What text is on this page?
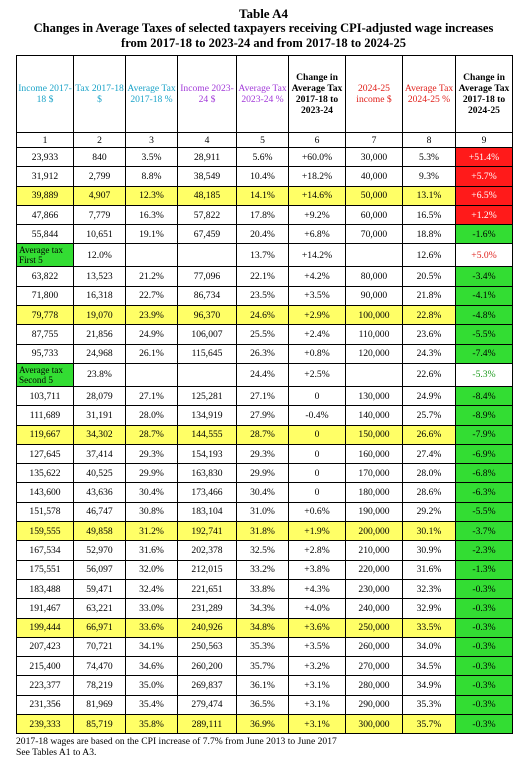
Table A4
Changes in Average Taxes of selected taxpayers receiving CPI-adjusted wage increases
from 2017-18 to 2023-24 and from 2017-18 to 2024-25
Income 2017-18 $	Tax 2017-18 $	Average Tax 2017-18 %	Income 2023-24 $	Average Tax 2023-24 %	Change in Average Tax 2017-18 to 2023-24	2024-25 income $	Average Tax 2024-25 %	Change in Average Tax 2017-18 to 2024-25
1	2	3	4	5	6	7	8	9
23,933	840	3.5%	28,911	5.6%	+60.0%	30,000	5.3%	+51.4%
31,912	2,799	8.8%	38,549	10.4%	+18.2%	40,000	9.3%	+5.7%
39,889	4,907	12.3%	48,185	14.1%	+14.6%	50,000	13.1%	+6.5%
47,866	7,779	16.3%	57,822	17.8%	+9.2%	60,000	16.5%	+1.2%
55,844	10,651	19.1%	67,459	20.4%	+6.8%	70,000	18.8%	-1.6%
Average tax First 5	12.0%			13.7%	+14.2%		12.6%	+5.0%
63,822	13,523	21.2%	77,096	22.1%	+4.2%	80,000	20.5%	-3.4%
71,800	16,318	22.7%	86,734	23.5%	+3.5%	90,000	21.8%	-4.1%
79,778	19,070	23.9%	96,370	24.6%	+2.9%	100,000	22.8%	-4.8%
87,755	21,856	24.9%	106,007	25.5%	+2.4%	110,000	23.6%	-5.5%
95,733	24,968	26.1%	115,645	26.3%	+0.8%	120,000	24.3%	-7.4%
Average tax Second 5	23.8%			24.4%	+2.5%		22.6%	-5.3%
103,711	28,079	27.1%	125,281	27.1%	0	130,000	24.9%	-8.4%
111,689	31,191	28.0%	134,919	27.9%	-0.4%	140,000	25.7%	-8.9%
119,667	34,302	28.7%	144,555	28.7%	0	150,000	26.6%	-7.9%
127,645	37,414	29.3%	154,193	29.3%	0	160,000	27.4%	-6.9%
135,622	40,525	29.9%	163,830	29.9%	0	170,000	28.0%	-6.8%
143,600	43,636	30.4%	173,466	30.4%	0	180,000	28.6%	-6.3%
151,578	46,747	30.8%	183,104	31.0%	+0.6%	190,000	29.2%	-5.5%
159,555	49,858	31.2%	192,741	31.8%	+1.9%	200,000	30.1%	-3.7%
167,534	52,970	31.6%	202,378	32.5%	+2.8%	210,000	30.9%	-2.3%
175,551	56,097	32.0%	212,015	33.2%	+3.8%	220,000	31.6%	-1.3%
183,488	59,471	32.4%	221,651	33.8%	+4.3%	230,000	32.3%	-0.3%
191,467	63,221	33.0%	231,289	34.3%	+4.0%	240,000	32.9%	-0.3%
199,444	66,971	33.6%	240,926	34.8%	+3.6%	250,000	33.5%	-0.3%
207,423	70,721	34.1%	250,563	35.3%	+3.5%	260,000	34.0%	-0.3%
215,400	74,470	34.6%	260,200	35.7%	+3.2%	270,000	34.5%	-0.3%
223,377	78,219	35.0%	269,837	36.1%	+3.1%	280,000	34.9%	-0.3%
231,356	81,969	35.4%	279,474	36.5%	+3.1%	290,000	35.3%	-0.3%
239,333	85,719	35.8%	289,111	36.9%	+3.1%	300,000	35.7%	-0.3%
2017-18 wages are based on the CPI increase of 7.7% from June 2013 to June 2017
See Tables A1 to A3.
